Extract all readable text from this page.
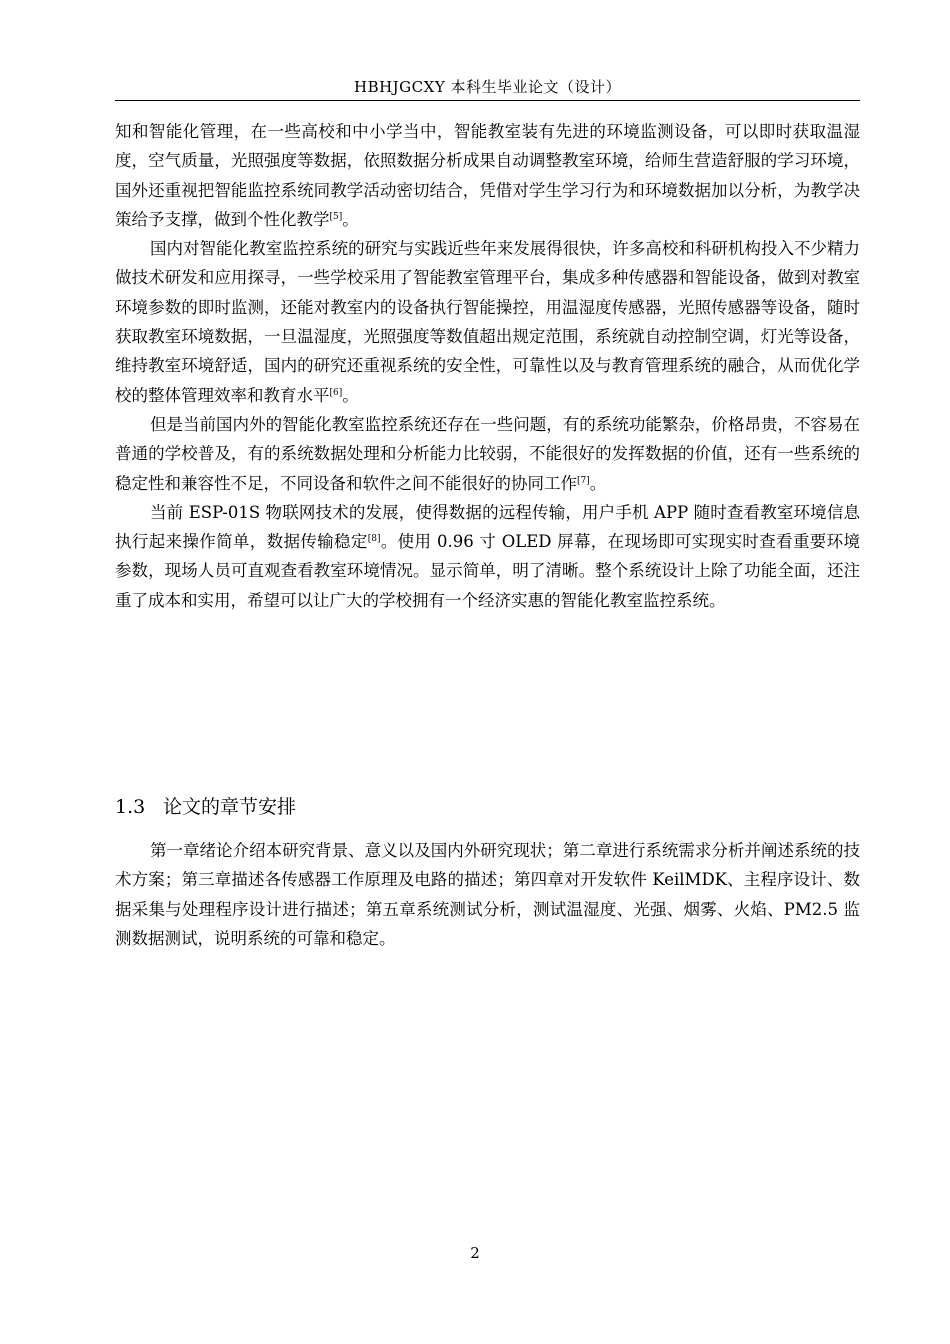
HBHJGCXY 本科生毕业论文（设计）

知和智能化管理，在一些高校和中小学当中，智能教室装有先进的环境监测设备，可以即时获取温湿度，空气质量，光照强度等数据，依照数据分析成果自动调整教室环境，给师生营造舒服的学习环境，国外还重视把智能监控系统同教学活动密切结合，凭借对学生学习行为和环境数据加以分析，为教学决策给予支撑，做到个性化教学[5]。

国内对智能化教室监控系统的研究与实践近些年来发展得很快，许多高校和科研机构投入不少精力做技术研发和应用探寻，一些学校采用了智能教室管理平台，集成多种传感器和智能设备，做到对教室环境参数的即时监测，还能对教室内的设备执行智能操控，用温湿度传感器，光照传感器等设备，随时获取教室环境数据，一旦温湿度，光照强度等数值超出规定范围，系统就自动控制空调，灯光等设备，维持教室环境舒适，国内的研究还重视系统的安全性，可靠性以及与教育管理系统的融合，从而优化学校的整体管理效率和教育水平[6]。

但是当前国内外的智能化教室监控系统还存在一些问题，有的系统功能繁杂，价格昂贵，不容易在普通的学校普及，有的系统数据处理和分析能力比较弱，不能很好的发挥数据的价值，还有一些系统的稳定性和兼容性不足，不同设备和软件之间不能很好的协同工作[7]。

当前 ESP-01S 物联网技术的发展，使得数据的远程传输，用户手机 APP 随时查看教室环境信息执行起来操作简单，数据传输稳定[8]。使用 0.96 寸 OLED 屏幕，在现场即可实现实时查看重要环境参数，现场人员可直观查看教室环境情况。显示简单，明了清晰。整个系统设计上除了功能全面，还注重了成本和实用，希望可以让广大的学校拥有一个经济实惠的智能化教室监控系统。

1.3 论文的章节安排

第一章绪论介绍本研究背景、意义以及国内外研究现状；第二章进行系统需求分析并阐述系统的技术方案；第三章描述各传感器工作原理及电路的描述；第四章对开发软件 KeilMDK、主程序设计、数据采集与处理程序设计进行描述；第五章系统测试分析，测试温湿度、光强、烟雾、火焰、PM2.5 监测数据测试，说明系统的可靠和稳定。

2
